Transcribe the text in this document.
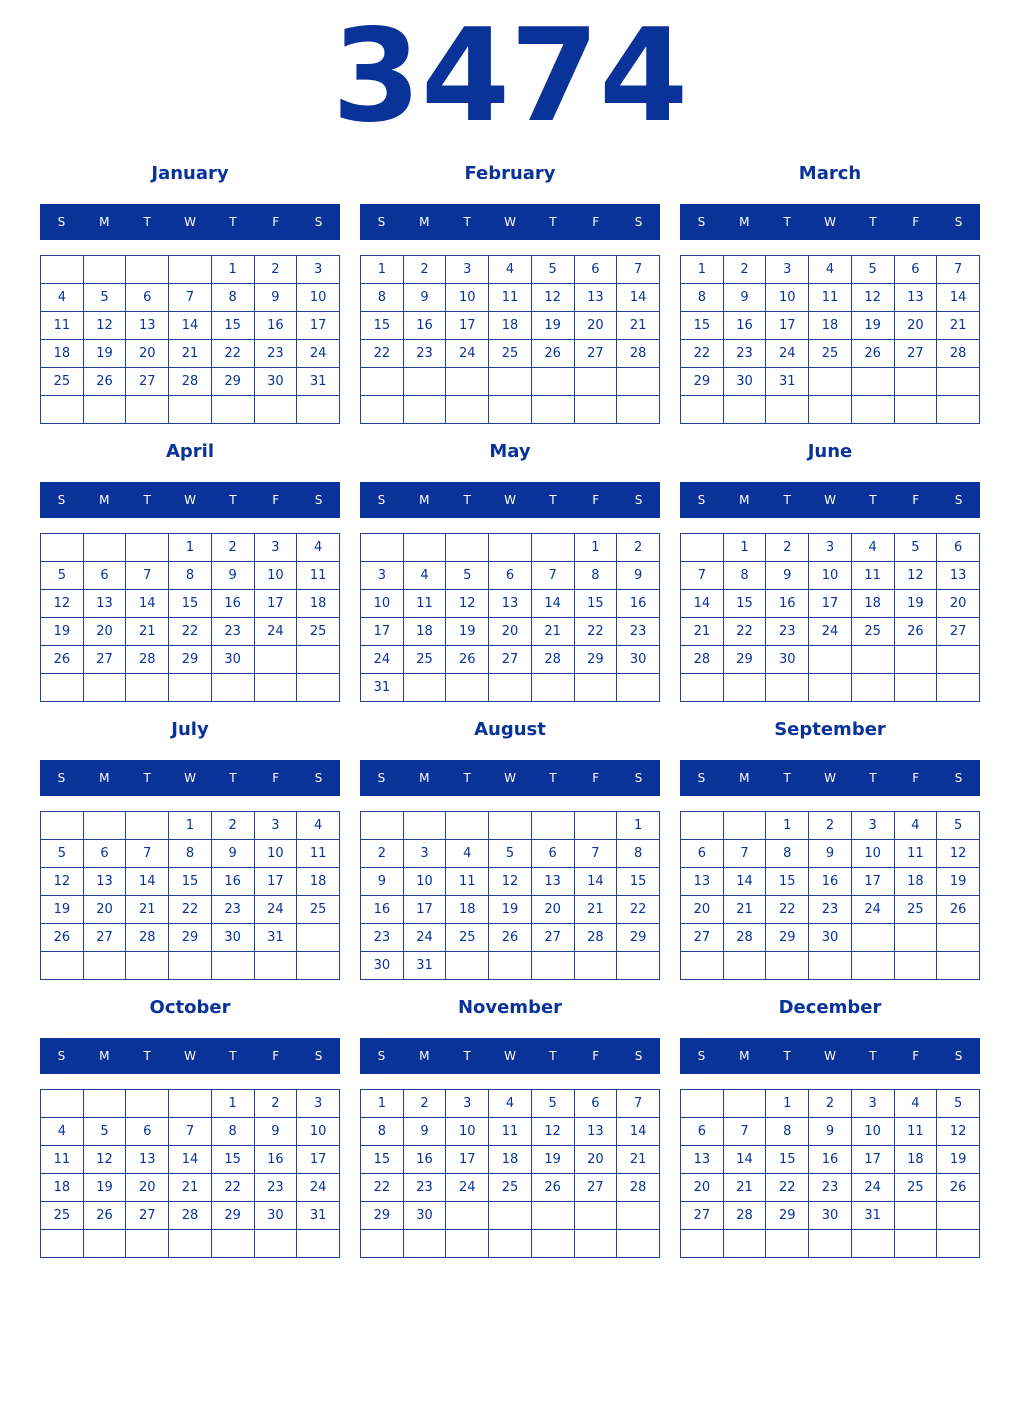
3474
January
S	M	T	W	T	F	S
				1	2	3
4	5	6	7	8	9	10
11	12	13	14	15	16	17
18	19	20	21	22	23	24
25	26	27	28	29	30	31

February
S	M	T	W	T	F	S
1	2	3	4	5	6	7
8	9	10	11	12	13	14
15	16	17	18	19	20	21
22	23	24	25	26	27	28

March
S	M	T	W	T	F	S
1	2	3	4	5	6	7
8	9	10	11	12	13	14
15	16	17	18	19	20	21
22	23	24	25	26	27	28
29	30	31				

April
S	M	T	W	T	F	S
			1	2	3	4
5	6	7	8	9	10	11
12	13	14	15	16	17	18
19	20	21	22	23	24	25
26	27	28	29	30		

May
S	M	T	W	T	F	S
					1	2
3	4	5	6	7	8	9
10	11	12	13	14	15	16
17	18	19	20	21	22	23
24	25	26	27	28	29	30
31						
June
S	M	T	W	T	F	S
	1	2	3	4	5	6
7	8	9	10	11	12	13
14	15	16	17	18	19	20
21	22	23	24	25	26	27
28	29	30				

July
S	M	T	W	T	F	S
			1	2	3	4
5	6	7	8	9	10	11
12	13	14	15	16	17	18
19	20	21	22	23	24	25
26	27	28	29	30	31	

August
S	M	T	W	T	F	S
						1
2	3	4	5	6	7	8
9	10	11	12	13	14	15
16	17	18	19	20	21	22
23	24	25	26	27	28	29
30	31					
September
S	M	T	W	T	F	S
		1	2	3	4	5
6	7	8	9	10	11	12
13	14	15	16	17	18	19
20	21	22	23	24	25	26
27	28	29	30			

October
S	M	T	W	T	F	S
				1	2	3
4	5	6	7	8	9	10
11	12	13	14	15	16	17
18	19	20	21	22	23	24
25	26	27	28	29	30	31

November
S	M	T	W	T	F	S
1	2	3	4	5	6	7
8	9	10	11	12	13	14
15	16	17	18	19	20	21
22	23	24	25	26	27	28
29	30					

December
S	M	T	W	T	F	S
		1	2	3	4	5
6	7	8	9	10	11	12
13	14	15	16	17	18	19
20	21	22	23	24	25	26
27	28	29	30	31		
